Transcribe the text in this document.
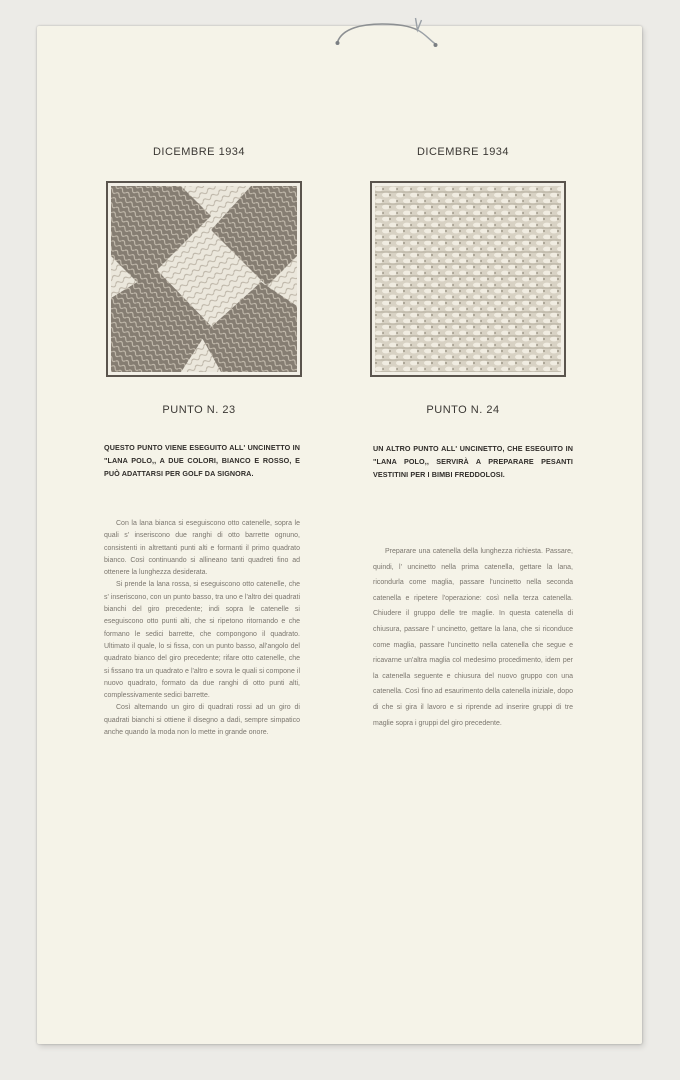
DICEMBRE 1934
PUNTO N. 23
QUESTO PUNTO VIENE ESEGUITO ALL' UNCINETTO IN "LANA POLO,, A DUE COLORI, BIANCO E ROSSO, E PUÒ ADATTARSI PER GOLF DA SIGNORA.

Con la lana bianca si eseguiscono otto catenelle, sopra le quali s' inseriscono due ranghi di otto barrette ognuno, consistenti in altrettanti punti alti e formanti il primo quadrato bianco. Così continuando si allineano tanti quadreti fino ad ottenere la lunghezza desiderata.

Si prende la lana rossa, si eseguiscono otto catenelle, che s' inseriscono, con un punto basso, tra uno e l'altro dei quadrati bianchi del giro precedente; indi sopra le catenelle si eseguiscono otto punti alti, che si ripetono ritornando e che formano le sedici barrette, che compongono il quadrato. Ultimato il quale, lo si fissa, con un punto basso, all'angolo del quadrato bianco del giro precedente; rifare otto catenelle, che si fissano tra un quadrato e l'altro e sovra le quali si compone il nuovo quadrato, formato da due ranghi di otto punti alti, complessivamente sedici barrette.

Così alternando un giro di quadrati rossi ad un giro di quadrati bianchi si ottiene il disegno a dadi, sempre simpatico anche quando la moda non lo mette in grande onore.

DICEMBRE 1934
PUNTO N. 24
UN ALTRO PUNTO ALL' UNCINETTO, CHE ESEGUITO IN "LANA POLO,, SERVIRÀ A PREPARARE PESANTI VESTITINI PER I BIMBI FREDDOLOSI.

Preparare una catenella della lunghezza richiesta. Passare, quindi, l' uncinetto nella prima catenella, gettare la lana, ricondurla come maglia, passare l'uncinetto nella seconda catenella e ripetere l'operazione: così nella terza catenella. Chiudere il gruppo delle tre maglie. In questa catenella di chiusura, passare l' uncinetto, gettare la lana, che si riconduce come maglia, passare l'uncinetto nella catenella che segue e ricavarne un'altra maglia col medesimo procedimento, idem per la catenella seguente e chiusura del nuovo gruppo con una catenella. Così fino ad esaurimento della catenella iniziale, dopo di che si gira il lavoro e si riprende ad inserire gruppi di tre maglie sopra i gruppi del giro precedente.
